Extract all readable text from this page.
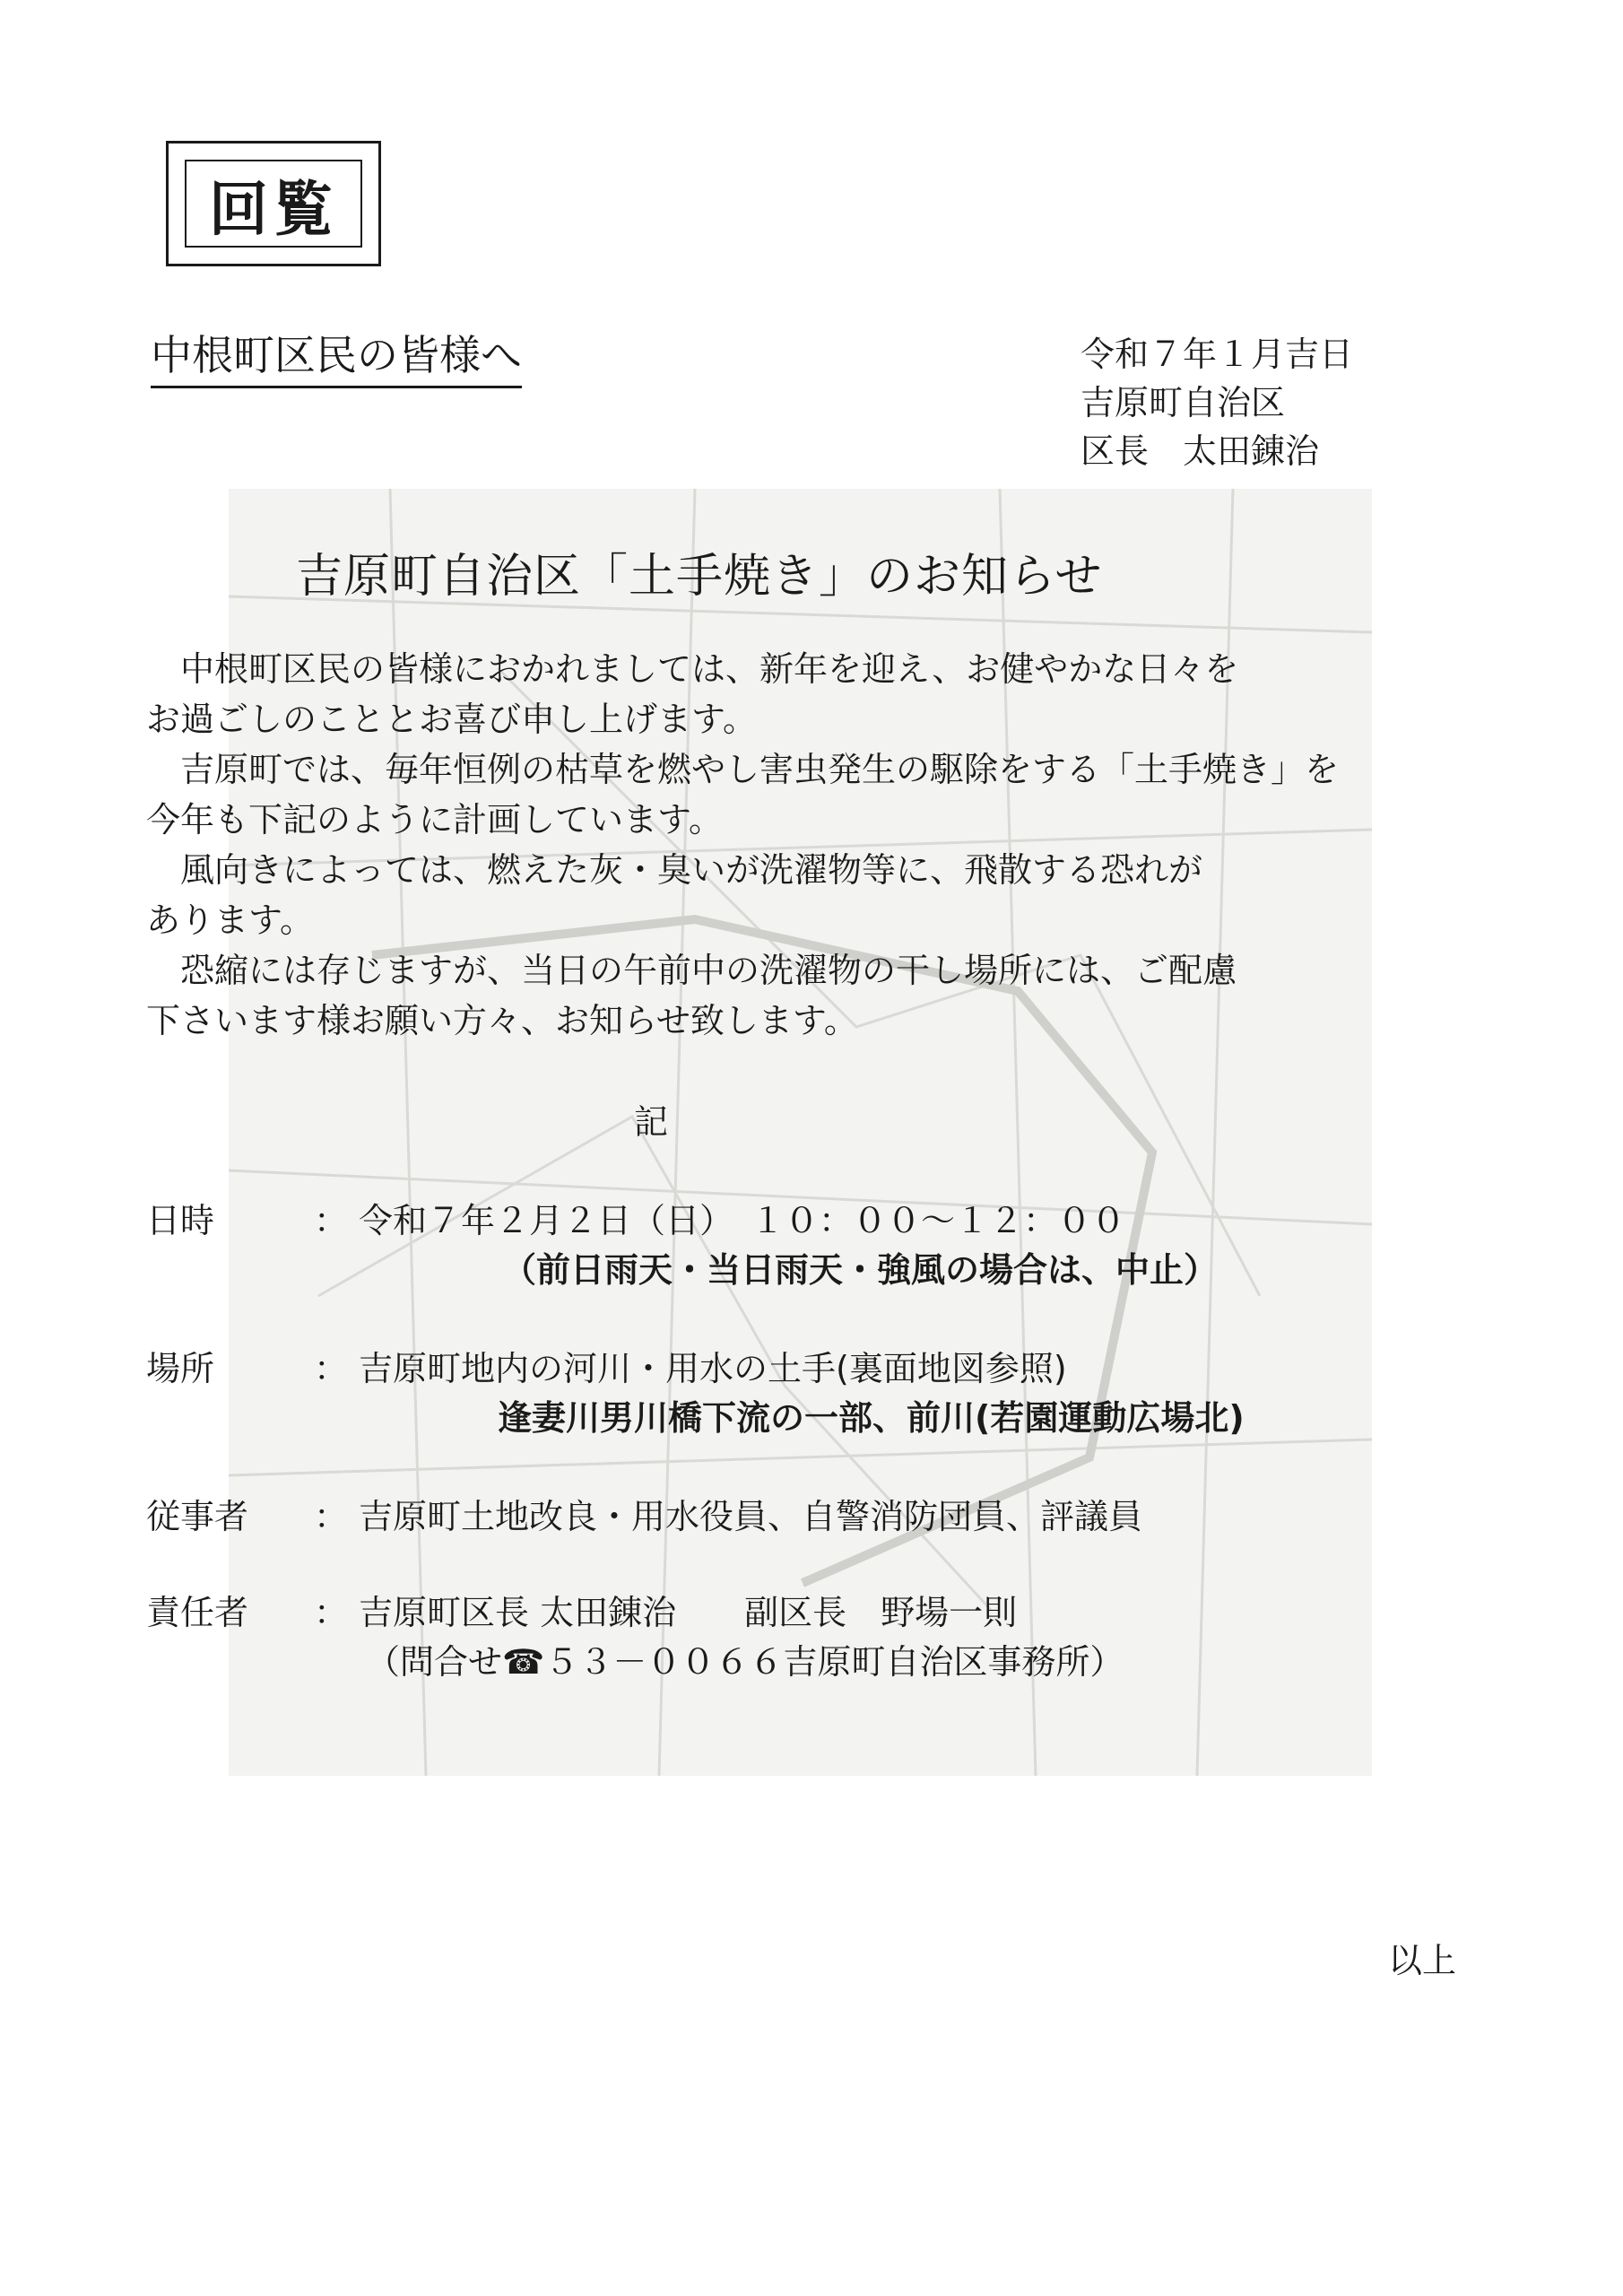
回覧
中根町区民の皆様へ	令和７年１月吉日
吉原町自治区
区長　太田錬治
吉原町自治区「土手焼き」のお知らせ

　中根町区民の皆様におかれましては、新年を迎え、お健やかな日々を

お過ごしのこととお喜び申し上げます。

　吉原町では、毎年恒例の枯草を燃やし害虫発生の駆除をする「土手焼き」を

今年も下記のように計画しています。

　風向きによっては、燃えた灰・臭いが洗濯物等に、飛散する恐れが

あります。

　恐縮には存じますが、当日の午前中の洗濯物の干し場所には、ご配慮

下さいます様お願い方々、お知らせ致します。

記
日時	： 令和７年２月２日（日）　１０：００～１２：００
（前日雨天・当日雨天・強風の場合は、中止）
場所	： 吉原町地内の河川・用水の土手(裏面地図参照)
逢妻川男川橋下流の一部、前川(若園運動広場北)
従事者 ： 吉原町土地改良・用水役員、自警消防団員、評議員
責任者 ： 吉原町区長 太田錬治　　副区長　野場一則
（問合せ☎５３－００６６吉原町自治区事務所）
以上
